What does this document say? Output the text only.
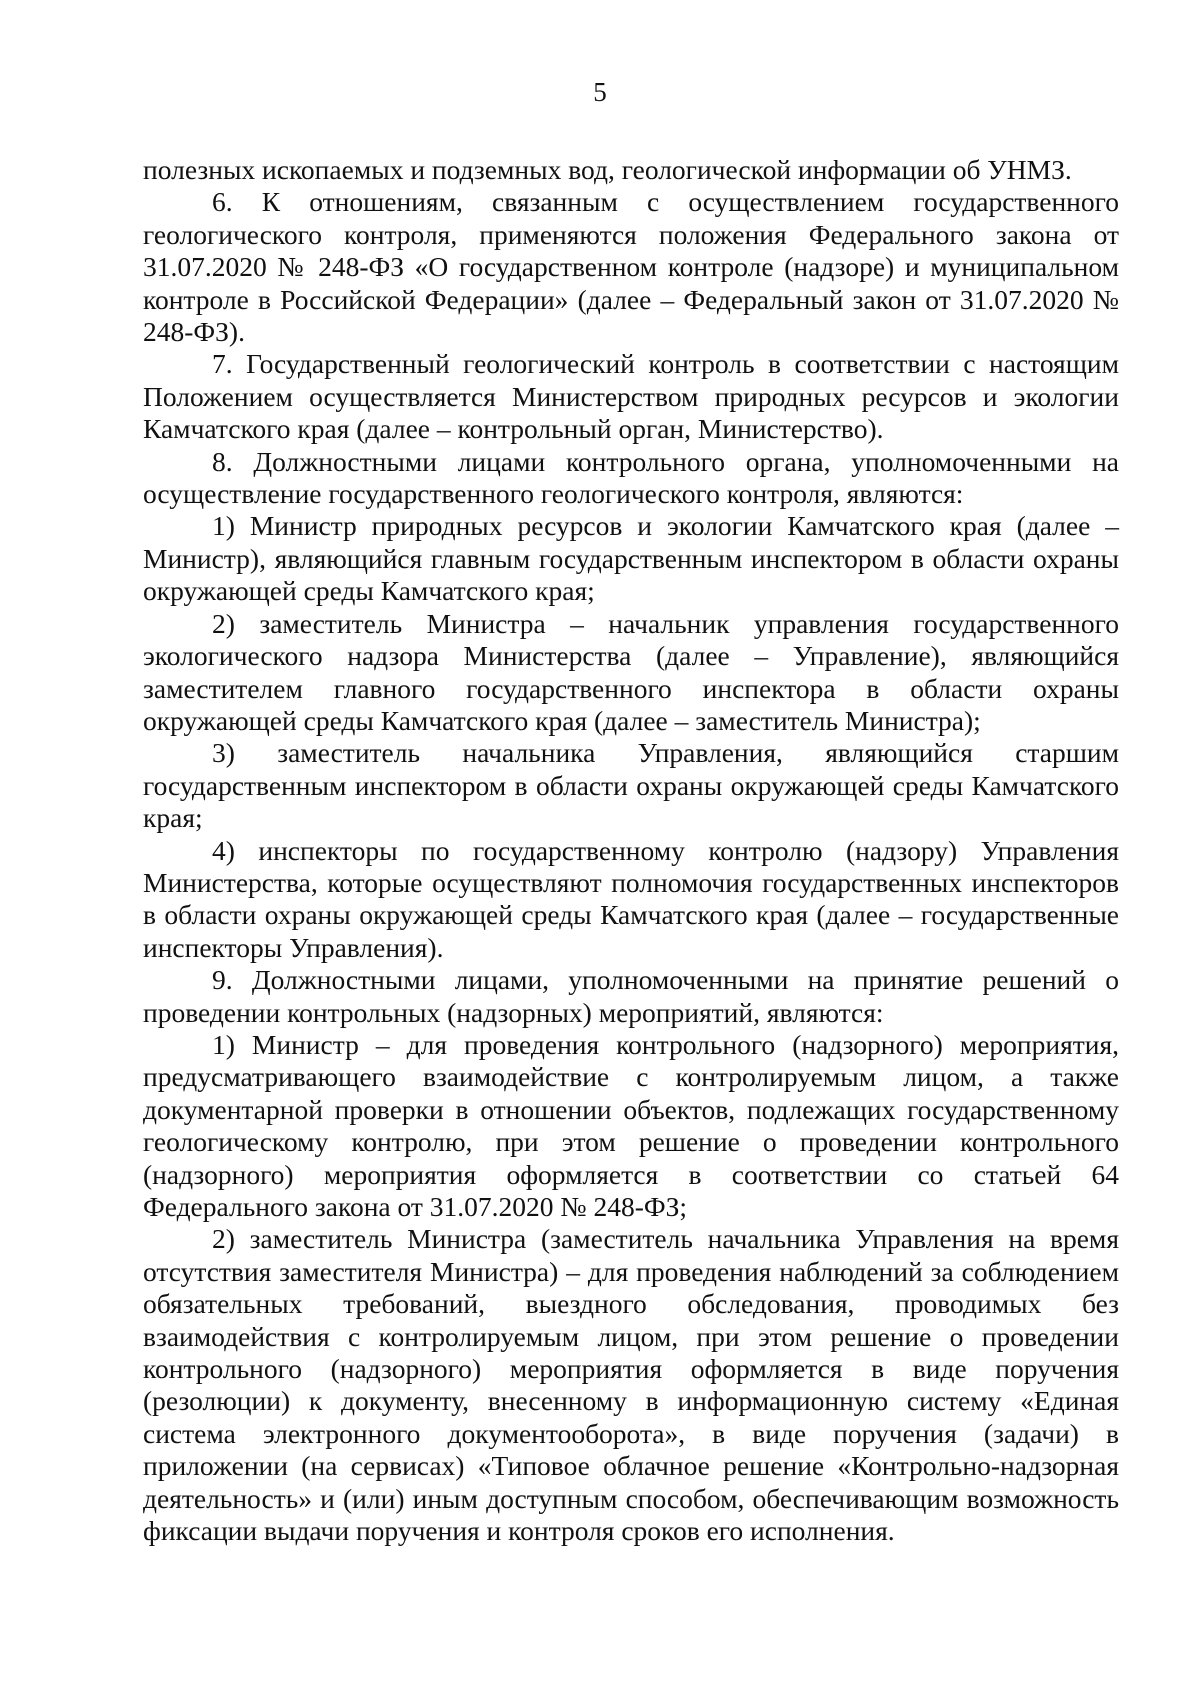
5

полезных ископаемых и подземных вод, геологической информации об УНМЗ.

6. К отношениям, связанным с осуществлением государственного геологического контроля, применяются положения Федерального закона от 31.07.2020 № 248-ФЗ «О государственном контроле (надзоре) и муниципальном контроле в Российской Федерации» (далее – Федеральный закон от 31.07.2020 № 248-ФЗ).

7. Государственный геологический контроль в соответствии с настоящим Положением осуществляется Министерством природных ресурсов и экологии Камчатского края (далее – контрольный орган, Министерство).

8. Должностными лицами контрольного органа, уполномоченными на осуществление государственного геологического контроля, являются:

1) Министр природных ресурсов и экологии Камчатского края (далее – Министр), являющийся главным государственным инспектором в области охраны окружающей среды Камчатского края;

2) заместитель Министра – начальник управления государственного экологического надзора Министерства (далее – Управление), являющийся заместителем главного государственного инспектора в области охраны окружающей среды Камчатского края (далее – заместитель Министра);

3) заместитель начальника Управления, являющийся старшим государственным инспектором в области охраны окружающей среды Камчатского края;

4) инспекторы по государственному контролю (надзору) Управления Министерства, которые осуществляют полномочия государственных инспекторов в области охраны окружающей среды Камчатского края (далее – государственные инспекторы Управления).

9. Должностными лицами, уполномоченными на принятие решений о проведении контрольных (надзорных) мероприятий, являются:

1) Министр – для проведения контрольного (надзорного) мероприятия, предусматривающего взаимодействие с контролируемым лицом, а также документарной проверки в отношении объектов, подлежащих государственному геологическому контролю, при этом решение о проведении контрольного (надзорного) мероприятия оформляется в соответствии со статьей 64 Федерального закона от 31.07.2020 № 248-ФЗ;

2) заместитель Министра (заместитель начальника Управления на время отсутствия заместителя Министра) – для проведения наблюдений за соблюдением обязательных требований, выездного обследования, проводимых без взаимодействия с контролируемым лицом, при этом решение о проведении контрольного (надзорного) мероприятия оформляется в виде поручения (резолюции) к документу, внесенному в информационную систему «Единая система электронного документооборота», в виде поручения (задачи) в приложении (на сервисах) «Типовое облачное решение «Контрольно-надзорная деятельность» и (или) иным доступным способом, обеспечивающим возможность фиксации выдачи поручения и контроля сроков его исполнения.
